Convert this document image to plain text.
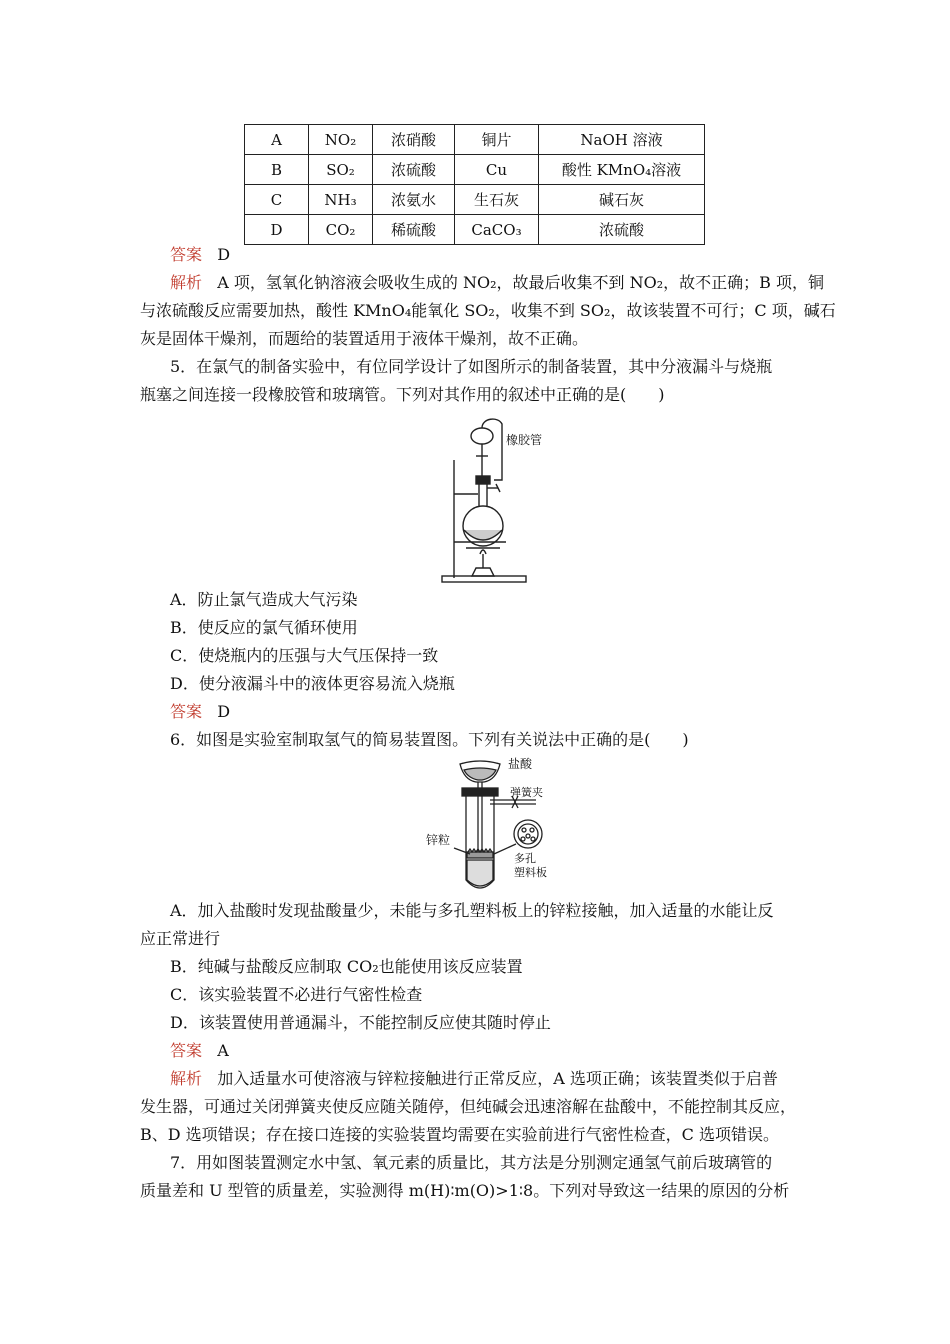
A	NO₂	浓硝酸	铜片	NaOH 溶液
B	SO₂	浓硫酸	Cu	酸性 KMnO₄溶液
C	NH₃	浓氨水	生石灰	碱石灰
D	CO₂	稀硫酸	CaCO₃	浓硫酸
答案 D
解析 A 项，氢氧化钠溶液会吸收生成的 NO₂，故最后收集不到 NO₂，故不正确；B 项，铜
与浓硫酸反应需要加热，酸性 KMnO₄能氧化 SO₂，收集不到 SO₂，故该装置不可行；C 项，碱石
灰是固体干燥剂，而题给的装置适用于液体干燥剂，故不正确。
5．在氯气的制备实验中，有位同学设计了如图所示的制备装置，其中分液漏斗与烧瓶
瓶塞之间连接一段橡胶管和玻璃管。下列对其作用的叙述中正确的是(　　)
橡胶管
A．防止氯气造成大气污染
B．使反应的氯气循环使用
C．使烧瓶内的压强与大气压保持一致
D．使分液漏斗中的液体更容易流入烧瓶
答案 D
6．如图是实验室制取氢气的简易装置图。下列有关说法中正确的是(　　)
盐酸
弹簧夹
锌粒
多孔
塑料板
A．加入盐酸时发现盐酸量少，未能与多孔塑料板上的锌粒接触，加入适量的水能让反
应正常进行
B．纯碱与盐酸反应制取 CO₂也能使用该反应装置
C．该实验装置不必进行气密性检查
D．该装置使用普通漏斗，不能控制反应使其随时停止
答案 A
解析 加入适量水可使溶液与锌粒接触进行正常反应，A 选项正确；该装置类似于启普
发生器，可通过关闭弹簧夹使反应随关随停，但纯碱会迅速溶解在盐酸中，不能控制其反应，
B、D 选项错误；存在接口连接的实验装置均需要在实验前进行气密性检查，C 选项错误。
7．用如图装置测定水中氢、氧元素的质量比，其方法是分别测定通氢气前后玻璃管的
质量差和 U 型管的质量差，实验测得 m(H)∶m(O)>1∶8。下列对导致这一结果的原因的分析
